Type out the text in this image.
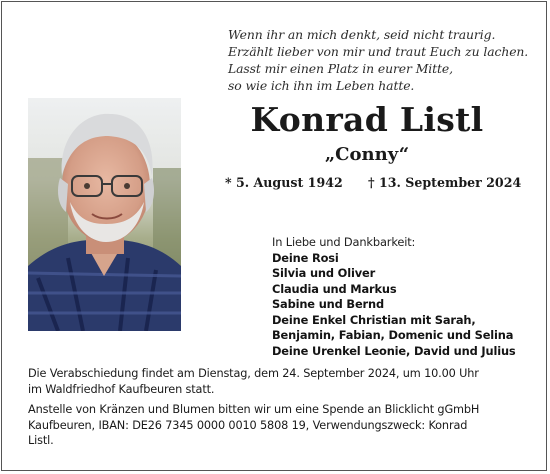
Wenn ihr an mich denkt, seid nicht traurig.
Erzählt lieber von mir und traut Euch zu lachen.
Lasst mir einen Platz in eurer Mitte,
so wie ich ihn im Leben hatte.
Konrad Listl
„Conny“
* 5. August 1942 † 13. September 2024
In Liebe und Dankbarkeit:
Deine Rosi
Silvia und Oliver
Claudia und Markus
Sabine und Bernd
Deine Enkel Christian mit Sarah,
Benjamin, Fabian, Domenic und Selina
Deine Urenkel Leonie, David und Julius
Die Verabschiedung findet am Dienstag, dem 24. September 2024, um 10.00 Uhr
im Waldfriedhof Kaufbeuren statt.
Anstelle von Kränzen und Blumen bitten wir um eine Spende an Blicklicht gGmbH
Kaufbeuren, IBAN: DE26 7345 0000 0010 5808 19, Verwendungszweck: Konrad
Listl.
